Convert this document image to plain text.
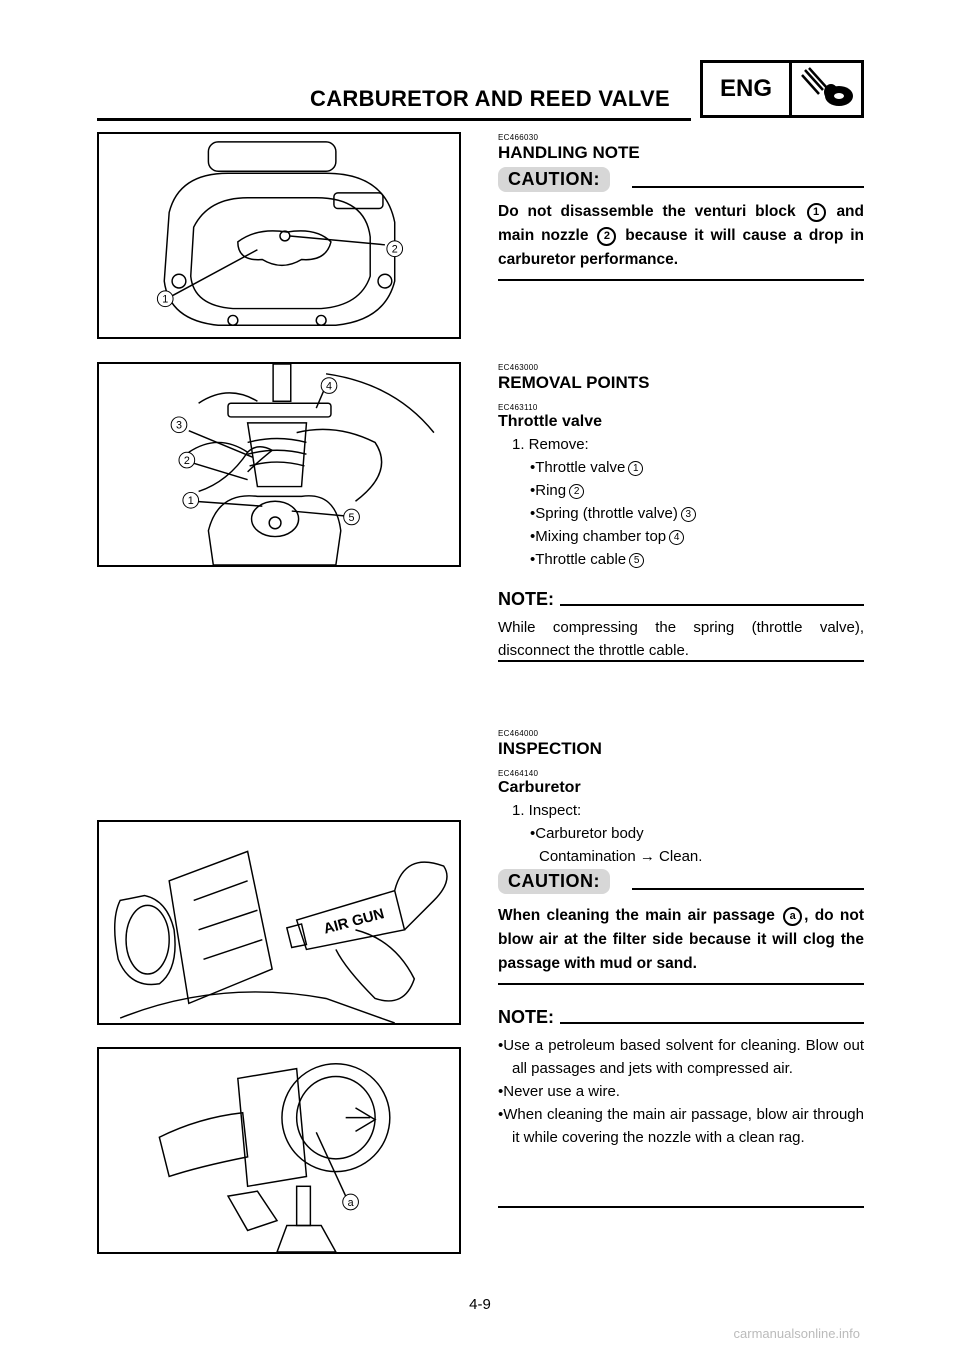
CARBURETOR AND REED VALVE	ENG
1
2
1
2
3
4
5
AIR GUN
a
EC466030
HANDLING NOTE
CAUTION:
Do not disassemble the venturi block 1 and main nozzle 2 because it will cause a drop in carburetor performance.
EC463000
REMOVAL POINTS
EC463110
Throttle valve
1. Remove:
•Throttle valve 1
•Ring 2
•Spring (throttle valve) 3
•Mixing chamber top 4
•Throttle cable 5
NOTE:
While compressing the spring (throttle valve), disconnect the throttle cable.
EC464000
INSPECTION
EC464140
Carburetor
1. Inspect:
•Carburetor body
Contamination → Clean.
CAUTION:
When cleaning the main air passage a , do not blow air at the filter side because it will clog the passage with mud or sand.
NOTE:
•Use a petroleum based solvent for cleaning. Blow out all passages and jets with compressed air.
•Never use a wire.
•When cleaning the main air passage, blow air through it while covering the nozzle with a clean rag.
4-9
carmanualsonline.info
